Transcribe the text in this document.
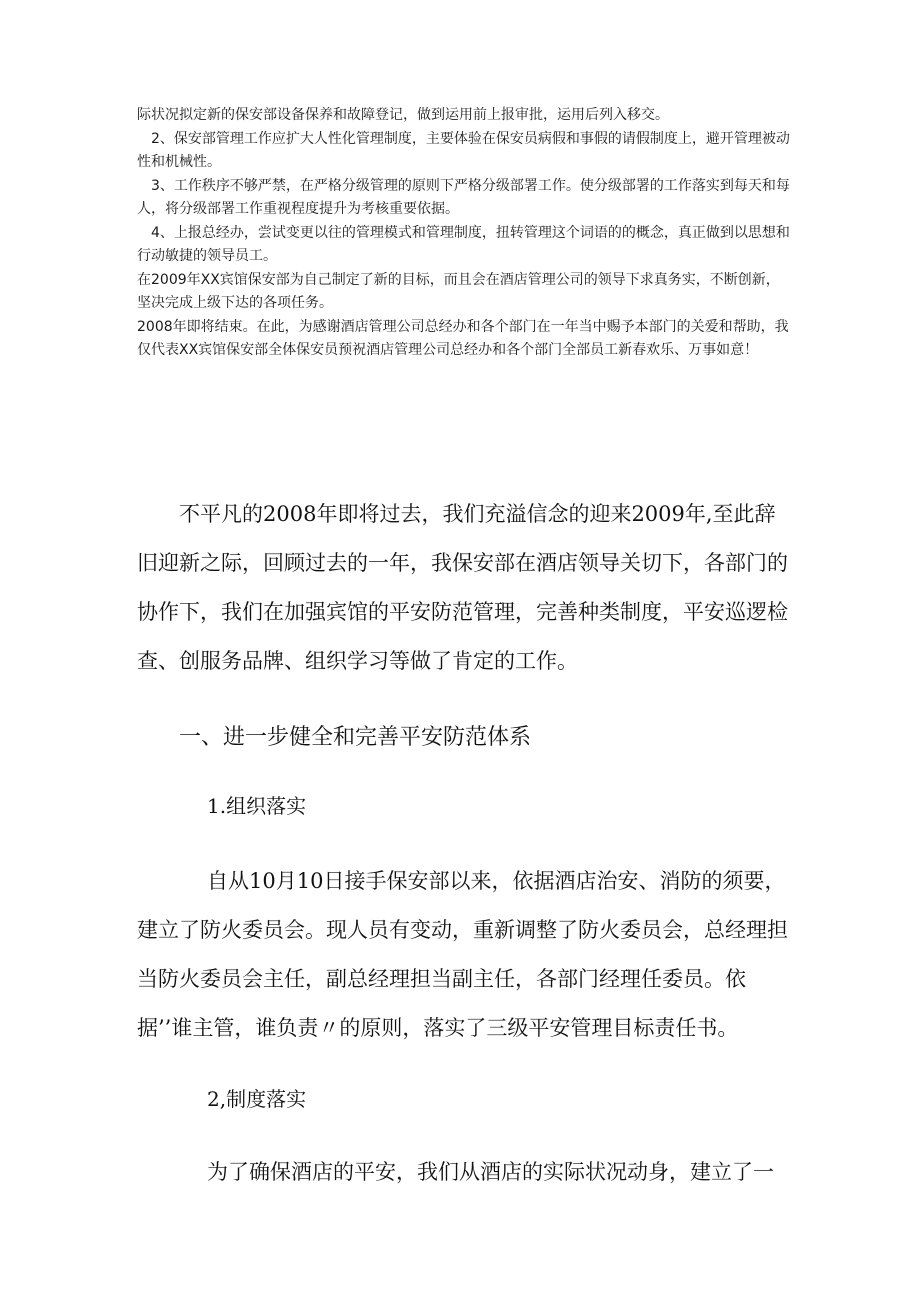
际状况拟定新的保安部设备保养和故障登记，做到运用前上报审批，运用后列入移交。

2、保安部管理工作应扩大人性化管理制度，主要体验在保安员病假和事假的请假制度上，避开管理被动性和机械性。

3、工作秩序不够严禁，在严格分级管理的原则下严格分级部署工作。使分级部署的工作落实到每天和每人，将分级部署工作重视程度提升为考核重要依据。

4、上报总经办，尝试变更以往的管理模式和管理制度，扭转管理这个词语的的概念，真正做到以思想和行动敏捷的领导员工。

在2009年XX宾馆保安部为自己制定了新的目标，而且会在酒店管理公司的领导下求真务实，不断创新，坚决完成上级下达的各项任务。

2008年即将结束。在此，为感谢酒店管理公司总经办和各个部门在一年当中赐予本部门的关爱和帮助，我仅代表XX宾馆保安部全体保安员预祝酒店管理公司总经办和各个部门全部员工新春欢乐、万事如意！

不平凡的2008年即将过去，我们充溢信念的迎来2009年,至此辞旧迎新之际，回顾过去的一年，我保安部在酒店领导关切下，各部门的协作下，我们在加强宾馆的平安防范管理，完善种类制度，平安巡逻检查、创服务品牌、组织学习等做了肯定的工作。

一、进一步健全和完善平安防范体系

1.组织落实

自从10月10日接手保安部以来，依据酒店治安、消防的须要，建立了防火委员会。现人员有变动，重新调整了防火委员会，总经理担当防火委员会主任，副总经理担当副主任，各部门经理任委员。依据’’谁主管，谁负责〃的原则，落实了三级平安管理目标责任书。

2,制度落实

为了确保酒店的平安，我们从酒店的实际状况动身，建立了一
